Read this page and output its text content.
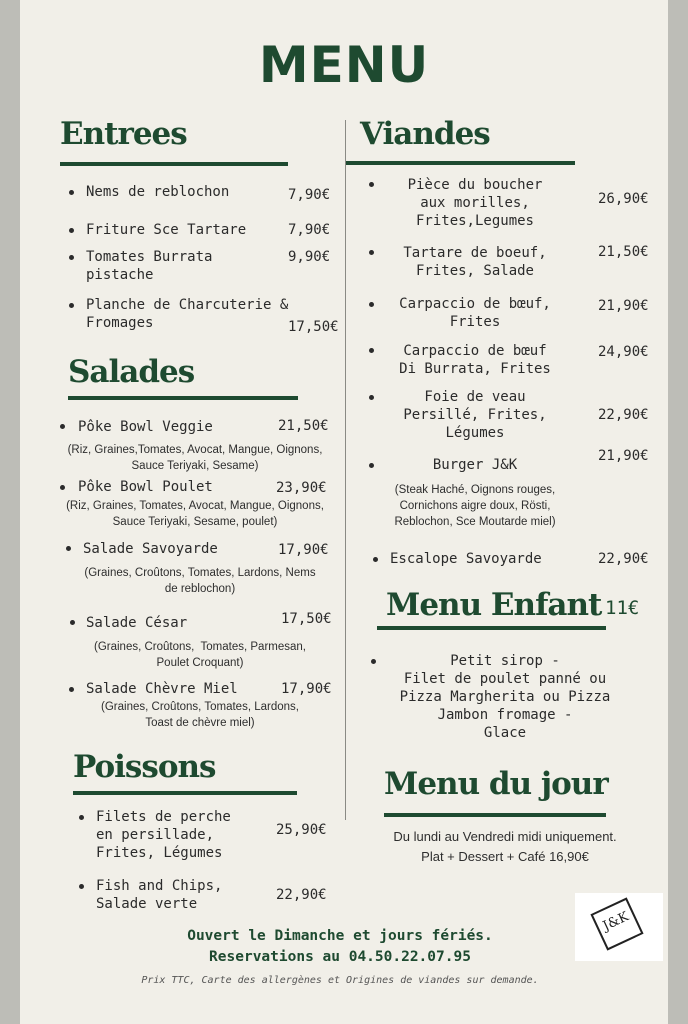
MENU
Entrees
Nems de reblochon	7,90€
Friture Sce Tartare	7,90€
Tomates Burrata
pistache
9,90€
Planche de Charcuterie &
Fromages	17,50€
Salades
Pôke Bowl Veggie	21,50€
(Riz, Graines,Tomates, Avocat, Mangue, Oignons,
Sauce Teriyaki, Sesame)
Pôke Bowl Poulet	23,90€
(Riz, Graines, Tomates, Avocat, Mangue, Oignons,
Sauce Teriyaki, Sesame, poulet)
Salade Savoyarde	17,90€
(Graines, Croûtons, Tomates, Lardons, Nems
de reblochon)
Salade César	17,50€
(Graines, Croûtons,  Tomates, Parmesan,
Poulet Croquant)
Salade Chèvre Miel	17,90€
(Graines, Croûtons, Tomates, Lardons,
Toast de chèvre miel)
Poissons
Filets de perche
en persillade,
Frites, Légumes
25,90€
Fish and Chips,
Salade verte
22,90€
Viandes
Pièce du boucher
aux morilles,
Frites,Legumes
26,90€
Tartare de boeuf,
Frites, Salade
21,50€
Carpaccio de bœuf,
Frites
21,90€
Carpaccio de bœuf
Di Burrata, Frites
24,90€
Foie de veau
Persillé, Frites,
Légumes
22,90€
Burger J&K
21,90€
(Steak Haché, Oignons rouges,
Cornichons aigre doux, Rösti,
Reblochon, Sce Moutarde miel)
Escalope Savoyarde	22,90€
Menu Enfant 11€
Petit sirop -
Filet de poulet panné ou
Pizza Margherita ou Pizza
Jambon fromage -
Glace
Menu du jour
Du lundi au Vendredi midi uniquement.
Plat + Dessert + Café 16,90€
Ouvert le Dimanche et jours fériés.
Reservations au 04.50.22.07.95
Prix TTC, Carte des allergènes et Origines de viandes sur demande.
J&K
